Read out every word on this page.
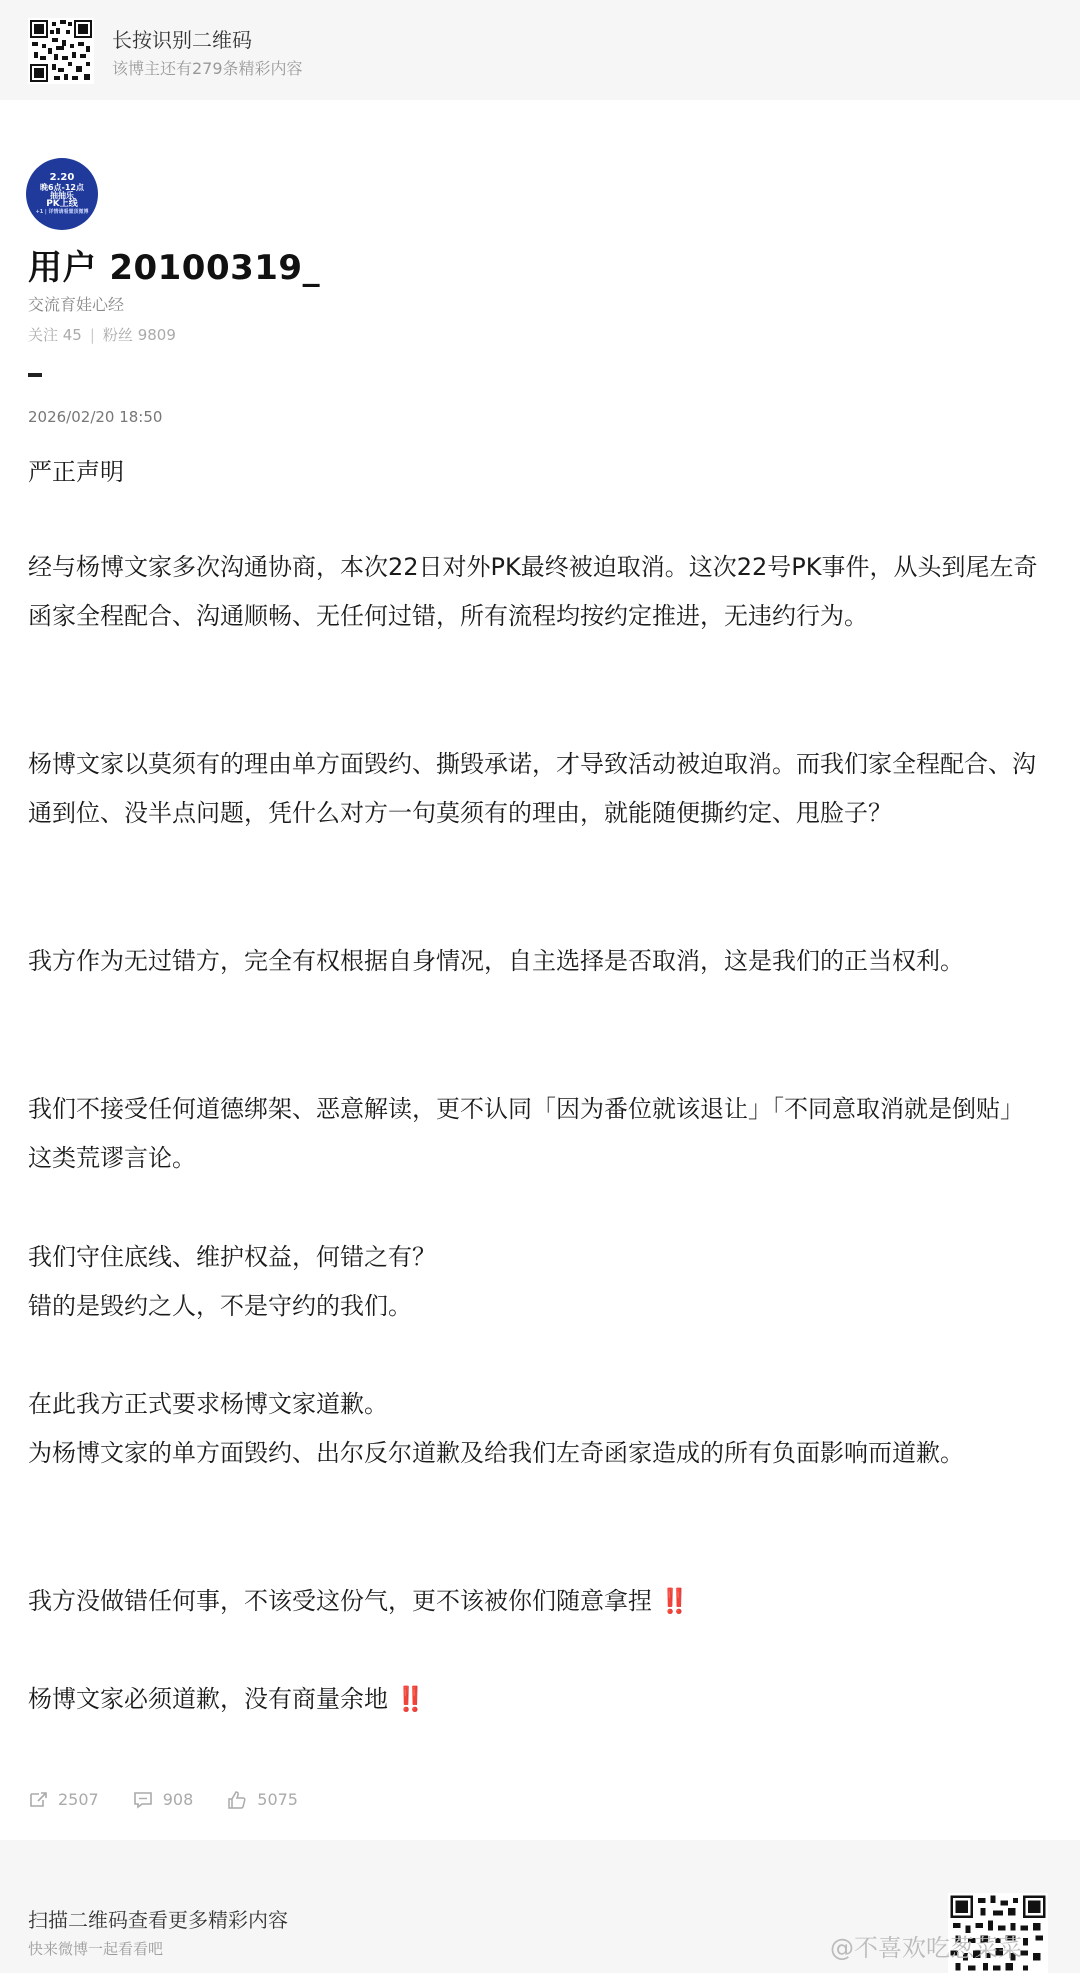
长按识别二维码
该博主还有279条精彩内容
2.20
晚6点-12点
抽抽乐
PK上线
+1 | 详情请看置顶微博
用户 20100319_
交流育娃心经
关注 45 | 粉丝 9809
2026/02/20 18:50
严正声明

经与杨博文家多次沟通协商，本次22日对外PK最终被迫取消。这次22号PK事件，从头到尾左奇函家全程配合、沟通顺畅、无任何过错，所有流程均按约定推进，无违约行为。

杨博文家以莫须有的理由单方面毁约、撕毁承诺，才导致活动被迫取消。而我们家全程配合、沟通到位、没半点问题，凭什么对方一句莫须有的理由，就能随便撕约定、甩脸子？

我方作为无过错方，完全有权根据自身情况，自主选择是否取消，这是我们的正当权利。

我们不接受任何道德绑架、恶意解读，更不认同「因为番位就该退让」「不同意取消就是倒贴」这类荒谬言论。

我们守住底线、维护权益，何错之有？

错的是毁约之人，不是守约的我们。

在此我方正式要求杨博文家道歉。

为杨博文家的单方面毁约、出尔反尔道歉及给我们左奇函家造成的所有负面影响而道歉。

我方没做错任何事，不该受这份气，更不该被你们随意拿捏 ‼️

杨博文家必须道歉，没有商量余地 ‼️

2507	908	5075
扫描二维码查看更多精彩内容
快来微博一起看看吧	@不喜欢吃葱菜菜
